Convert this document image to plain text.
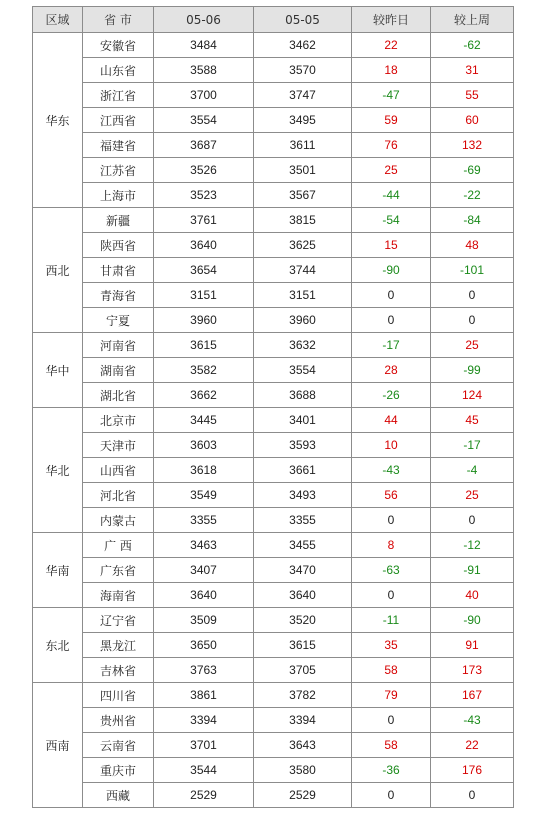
区域	省 市	05-06	05-05	较昨日	较上周
华东	安徽省	3484	3462	22	-62
	山东省	3588	3570	18	31
	浙江省	3700	3747	-47	55
	江西省	3554	3495	59	60
	福建省	3687	3611	76	132
	江苏省	3526	3501	25	-69
	上海市	3523	3567	-44	-22
西北	新疆	3761	3815	-54	-84
	陕西省	3640	3625	15	48
	甘肃省	3654	3744	-90	-101
	青海省	3151	3151	0	0
	宁夏	3960	3960	0	0
华中	河南省	3615	3632	-17	25
	湖南省	3582	3554	28	-99
	湖北省	3662	3688	-26	124
华北	北京市	3445	3401	44	45
	天津市	3603	3593	10	-17
	山西省	3618	3661	-43	-4
	河北省	3549	3493	56	25
	内蒙古	3355	3355	0	0
华南	广 西	3463	3455	8	-12
	广东省	3407	3470	-63	-91
	海南省	3640	3640	0	40
东北	辽宁省	3509	3520	-11	-90
	黑龙江	3650	3615	35	91
	吉林省	3763	3705	58	173
西南	四川省	3861	3782	79	167
	贵州省	3394	3394	0	-43
	云南省	3701	3643	58	22
	重庆市	3544	3580	-36	176
	西藏	2529	2529	0	0
